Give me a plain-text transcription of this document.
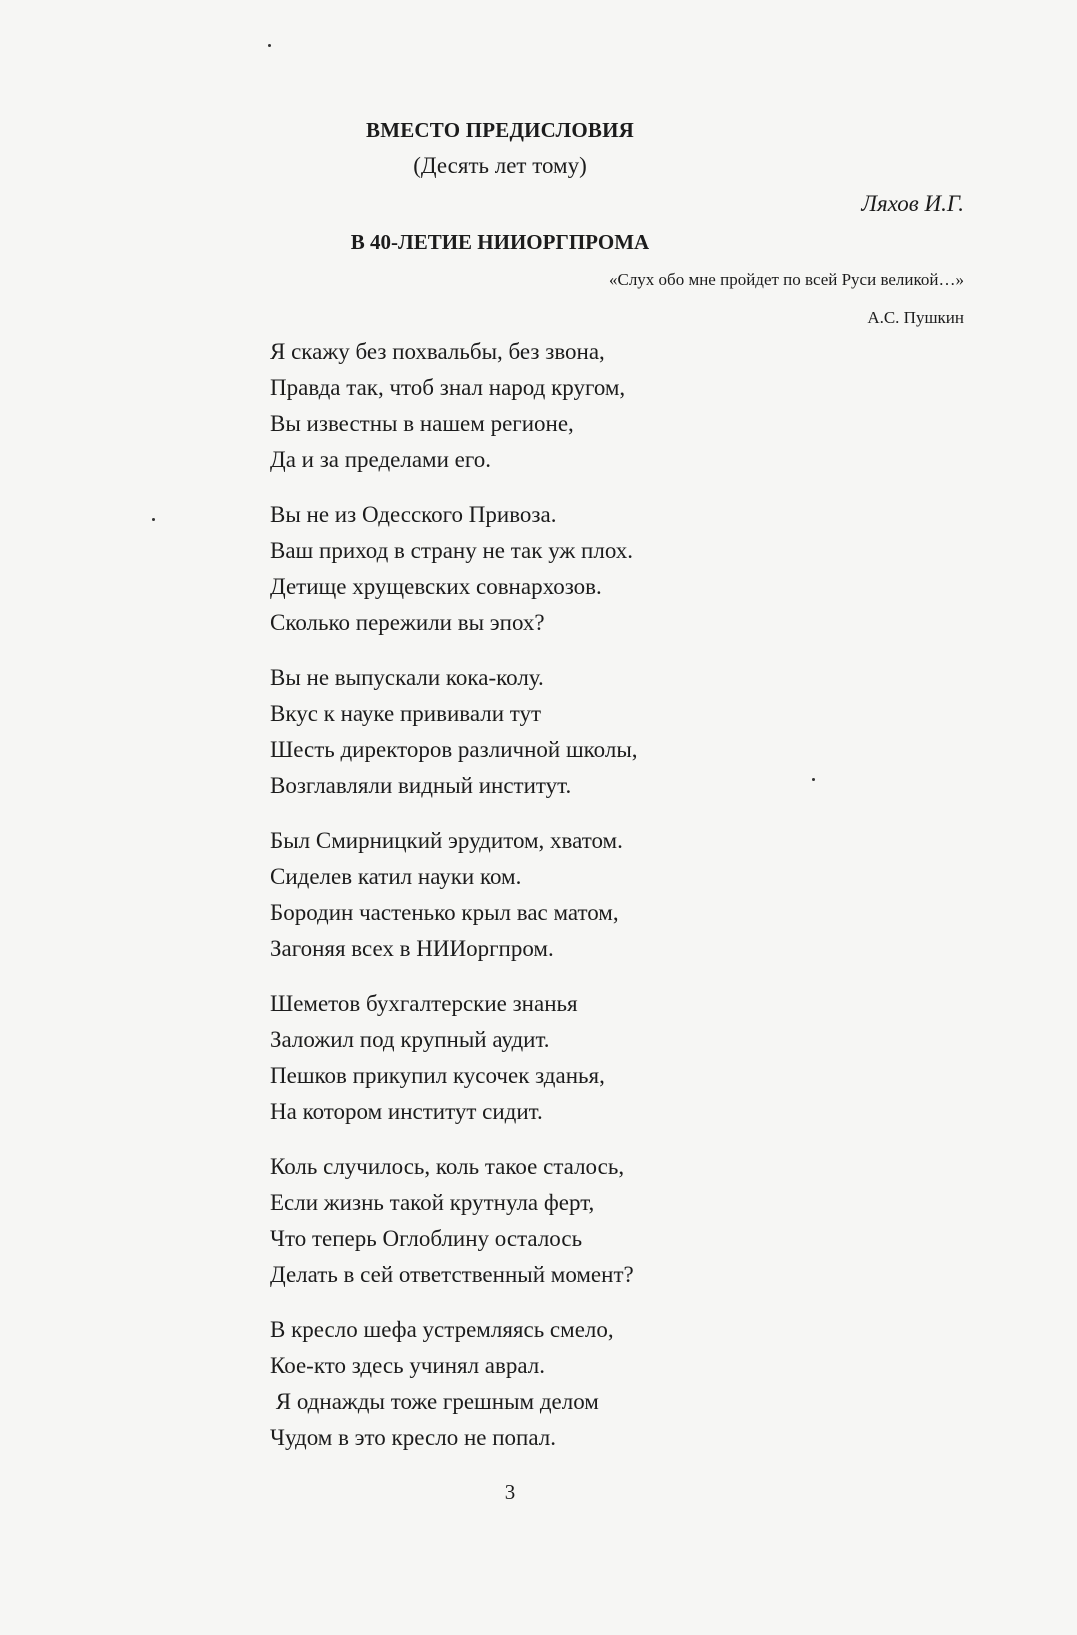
ВМЕСТО ПРЕДИСЛОВИЯ
(Десять лет тому)
Ляхов И.Г.
В 40-ЛЕТИЕ НИИОРГПРОМА
«Слух обо мне пройдет по всей Руси великой…»
А.С. Пушкин
Я скажу без похвальбы, без звона,
Правда так, чтоб знал народ кругом,
Вы известны в нашем регионе,
Да и за пределами его.
Вы не из Одесского Привоза.
Ваш приход в страну не так уж плох.
Детище хрущевских совнархозов.
Сколько пережили вы эпох?
Вы не выпускали кока-колу.
Вкус к науке прививали тут
Шесть директоров различной школы,
Возглавляли видный институт.
Был Смирницкий эрудитом, хватом.
Сиделев катил науки ком.
Бородин частенько крыл вас матом,
Загоняя всех в НИИоргпром.
Шеметов бухгалтерские знанья
Заложил под крупный аудит.
Пешков прикупил кусочек зданья,
На котором институт сидит.
Коль случилось, коль такое сталось,
Если жизнь такой крутнула ферт,
Что теперь Оглоблину осталось
Делать в сей ответственный момент?
В кресло шефа устремляясь смело,
Кое-кто здесь учинял аврал.
Я однажды тоже грешным делом
Чудом в это кресло не попал.
3
